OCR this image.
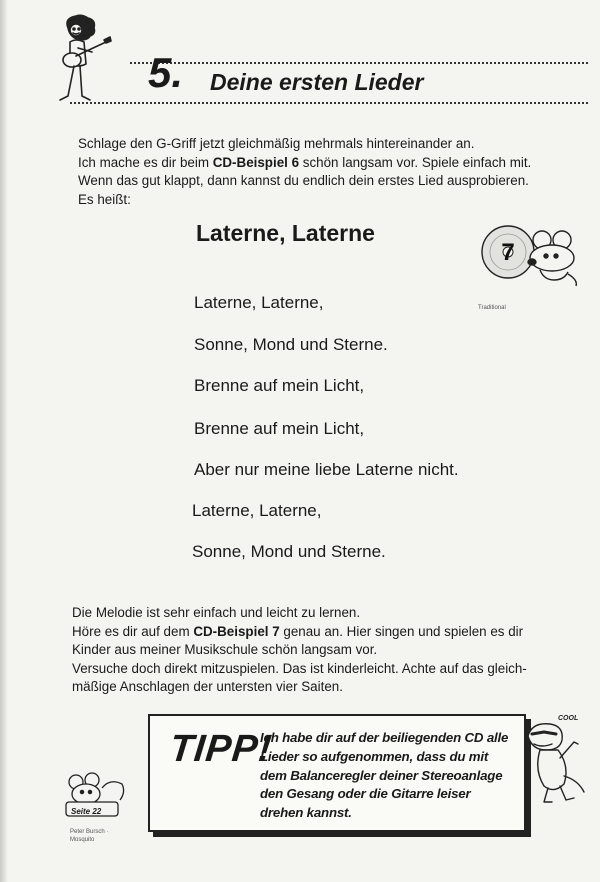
5. Deine ersten Lieder

Schlage den G-Griff jetzt gleichmäßig mehrmals hintereinander an.
Ich mache es dir beim CD-Beispiel 6 schön langsam vor. Spiele einfach mit.
Wenn das gut klappt, dann kannst du endlich dein erstes Lied ausprobieren.
Es heißt:

Laterne, Laterne
7
Traditional

Laterne, Laterne,

Sonne, Mond und Sterne.

Brenne auf mein Licht,

Brenne auf mein Licht,

Aber nur meine liebe Laterne nicht.

Laterne, Laterne,

Sonne, Mond und Sterne.

Die Melodie ist sehr einfach und leicht zu lernen.
Höre es dir auf dem CD-Beispiel 7 genau an. Hier singen und spielen es dir
Kinder aus meiner Musikschule schön langsam vor.
Versuche doch direkt mitzuspielen. Das ist kinderleicht. Achte auf das gleich-
mäßige Anschlagen der untersten vier Saiten.

TIPP!

Ich habe dir auf der beiliegenden CD alle Lieder so aufgenommen, dass du mit dem Balanceregler deiner Stereoanlage den Gesang oder die Gitarre leiser drehen kannst.

COOL
Seite 22
Peter Bursch · Mosquito
